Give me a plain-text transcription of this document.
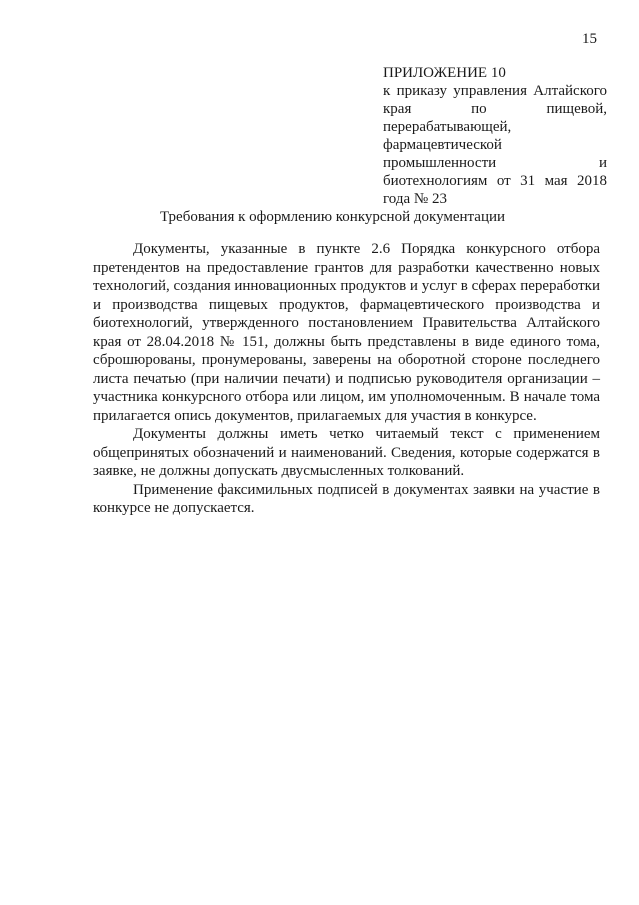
15

ПРИЛОЖЕНИЕ 10

к приказу управления Алтайского края по пищевой, перерабатывающей, фармацевтической промышленности и биотехнологиям от 31 мая 2018 года № 23

Требования к оформлению конкурсной документации

Документы, указанные в пункте 2.6 Порядка конкурсного отбора претендентов на предоставление грантов для разработки качественно новых технологий, создания инновационных продуктов и услуг в сферах переработки и производства пищевых продуктов, фармацевтического производства и биотехнологий, утвержденного постановлением Правительства Алтайского края от 28.04.2018 № 151, должны быть представлены в виде единого тома, сброшюрованы, пронумерованы, заверены на оборотной стороне последнего листа печатью (при наличии печати) и подписью руководителя организации – участника конкурсного отбора или лицом, им уполномоченным. В начале тома прилагается опись документов, прилагаемых для участия в конкурсе.

Документы должны иметь четко читаемый текст с применением общепринятых обозначений и наименований. Сведения, которые содержатся в заявке, не должны допускать двусмысленных толкований.

Применение факсимильных подписей в документах заявки на участие в конкурсе не допускается.
